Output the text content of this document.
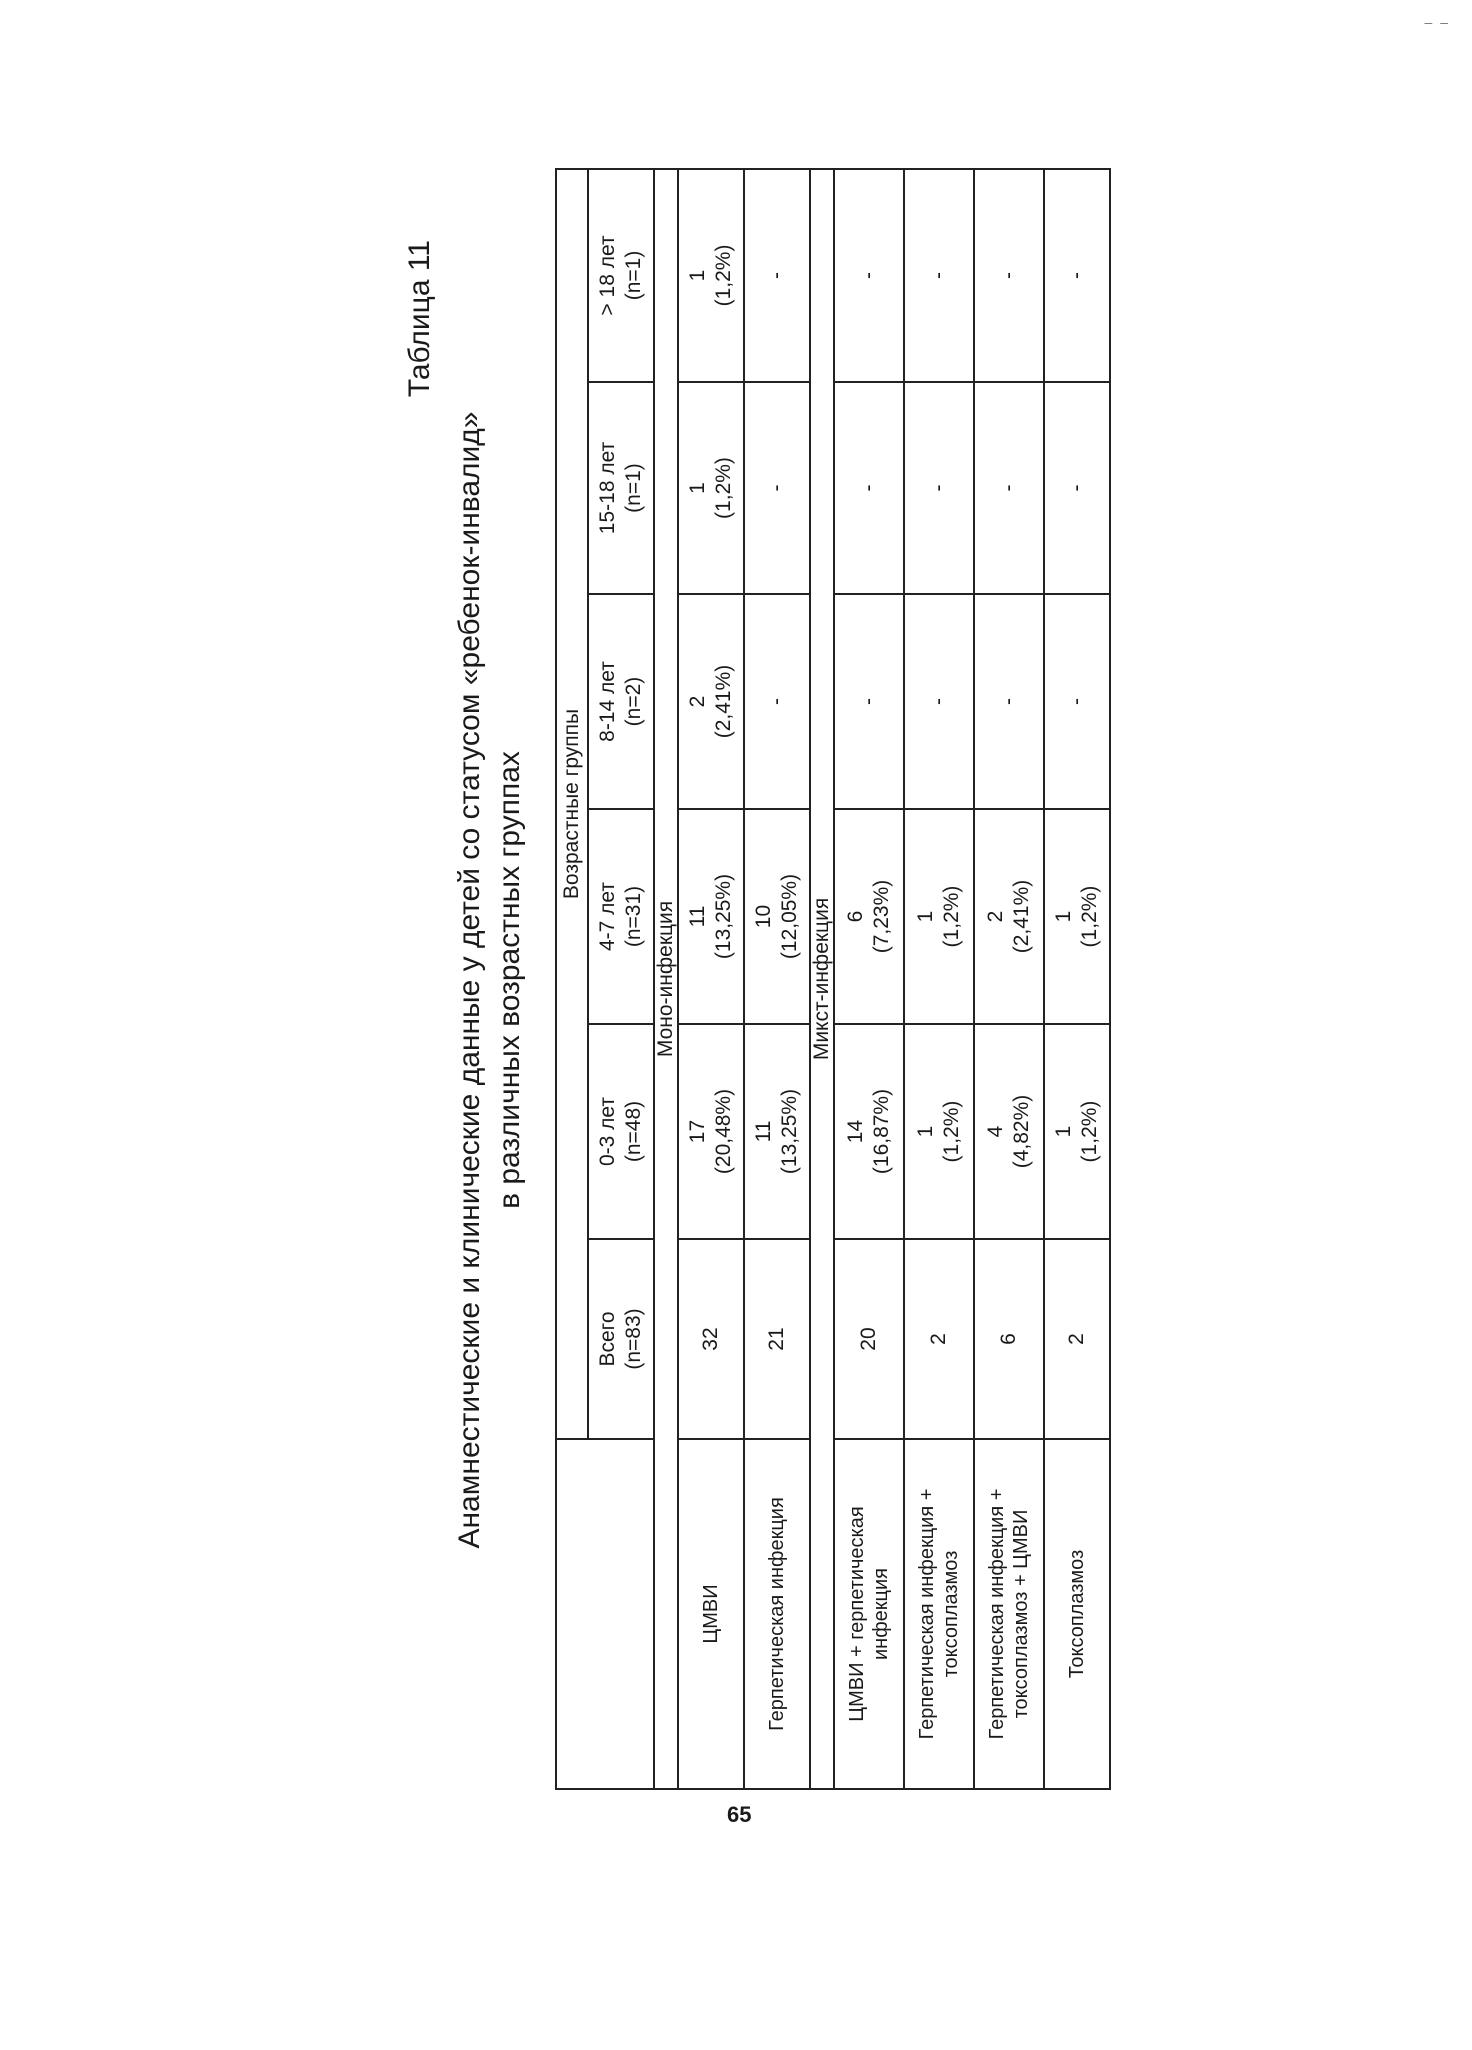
– –
Таблица 11
Анамнестические и клинические данные у детей со статусом «ребенок-инвалид» в различных возрастных группах
	Возрастные группы					
	Всего (n=83)	0-3 лет (n=48)	4-7 лет (n=31)	8-14 лет (n=2)	15-18 лет (n=1)	> 18 лет (n=1)
Моно-инфекция						
ЦМВИ	32	17 (20,48%)	11 (13,25%)	2 (2,41%)	1 (1,2%)	1 (1,2%)
Герпетическая инфекция	21	11 (13,25%)	10 (12,05%)	-	-	-
Микст-инфекция						
ЦМВИ + герпетическая инфекция	20	14 (16,87%)	6 (7,23%)	-	-	-
Герпетическая инфекция + токсоплазмоз	2	1 (1,2%)	1 (1,2%)	-	-	-
Герпетическая инфекция + токсоплазмоз + ЦМВИ	6	4 (4,82%)	2 (2,41%)	-	-	-
Токсоплазмоз	2	1 (1,2%)	1 (1,2%)	-	-	-
65
